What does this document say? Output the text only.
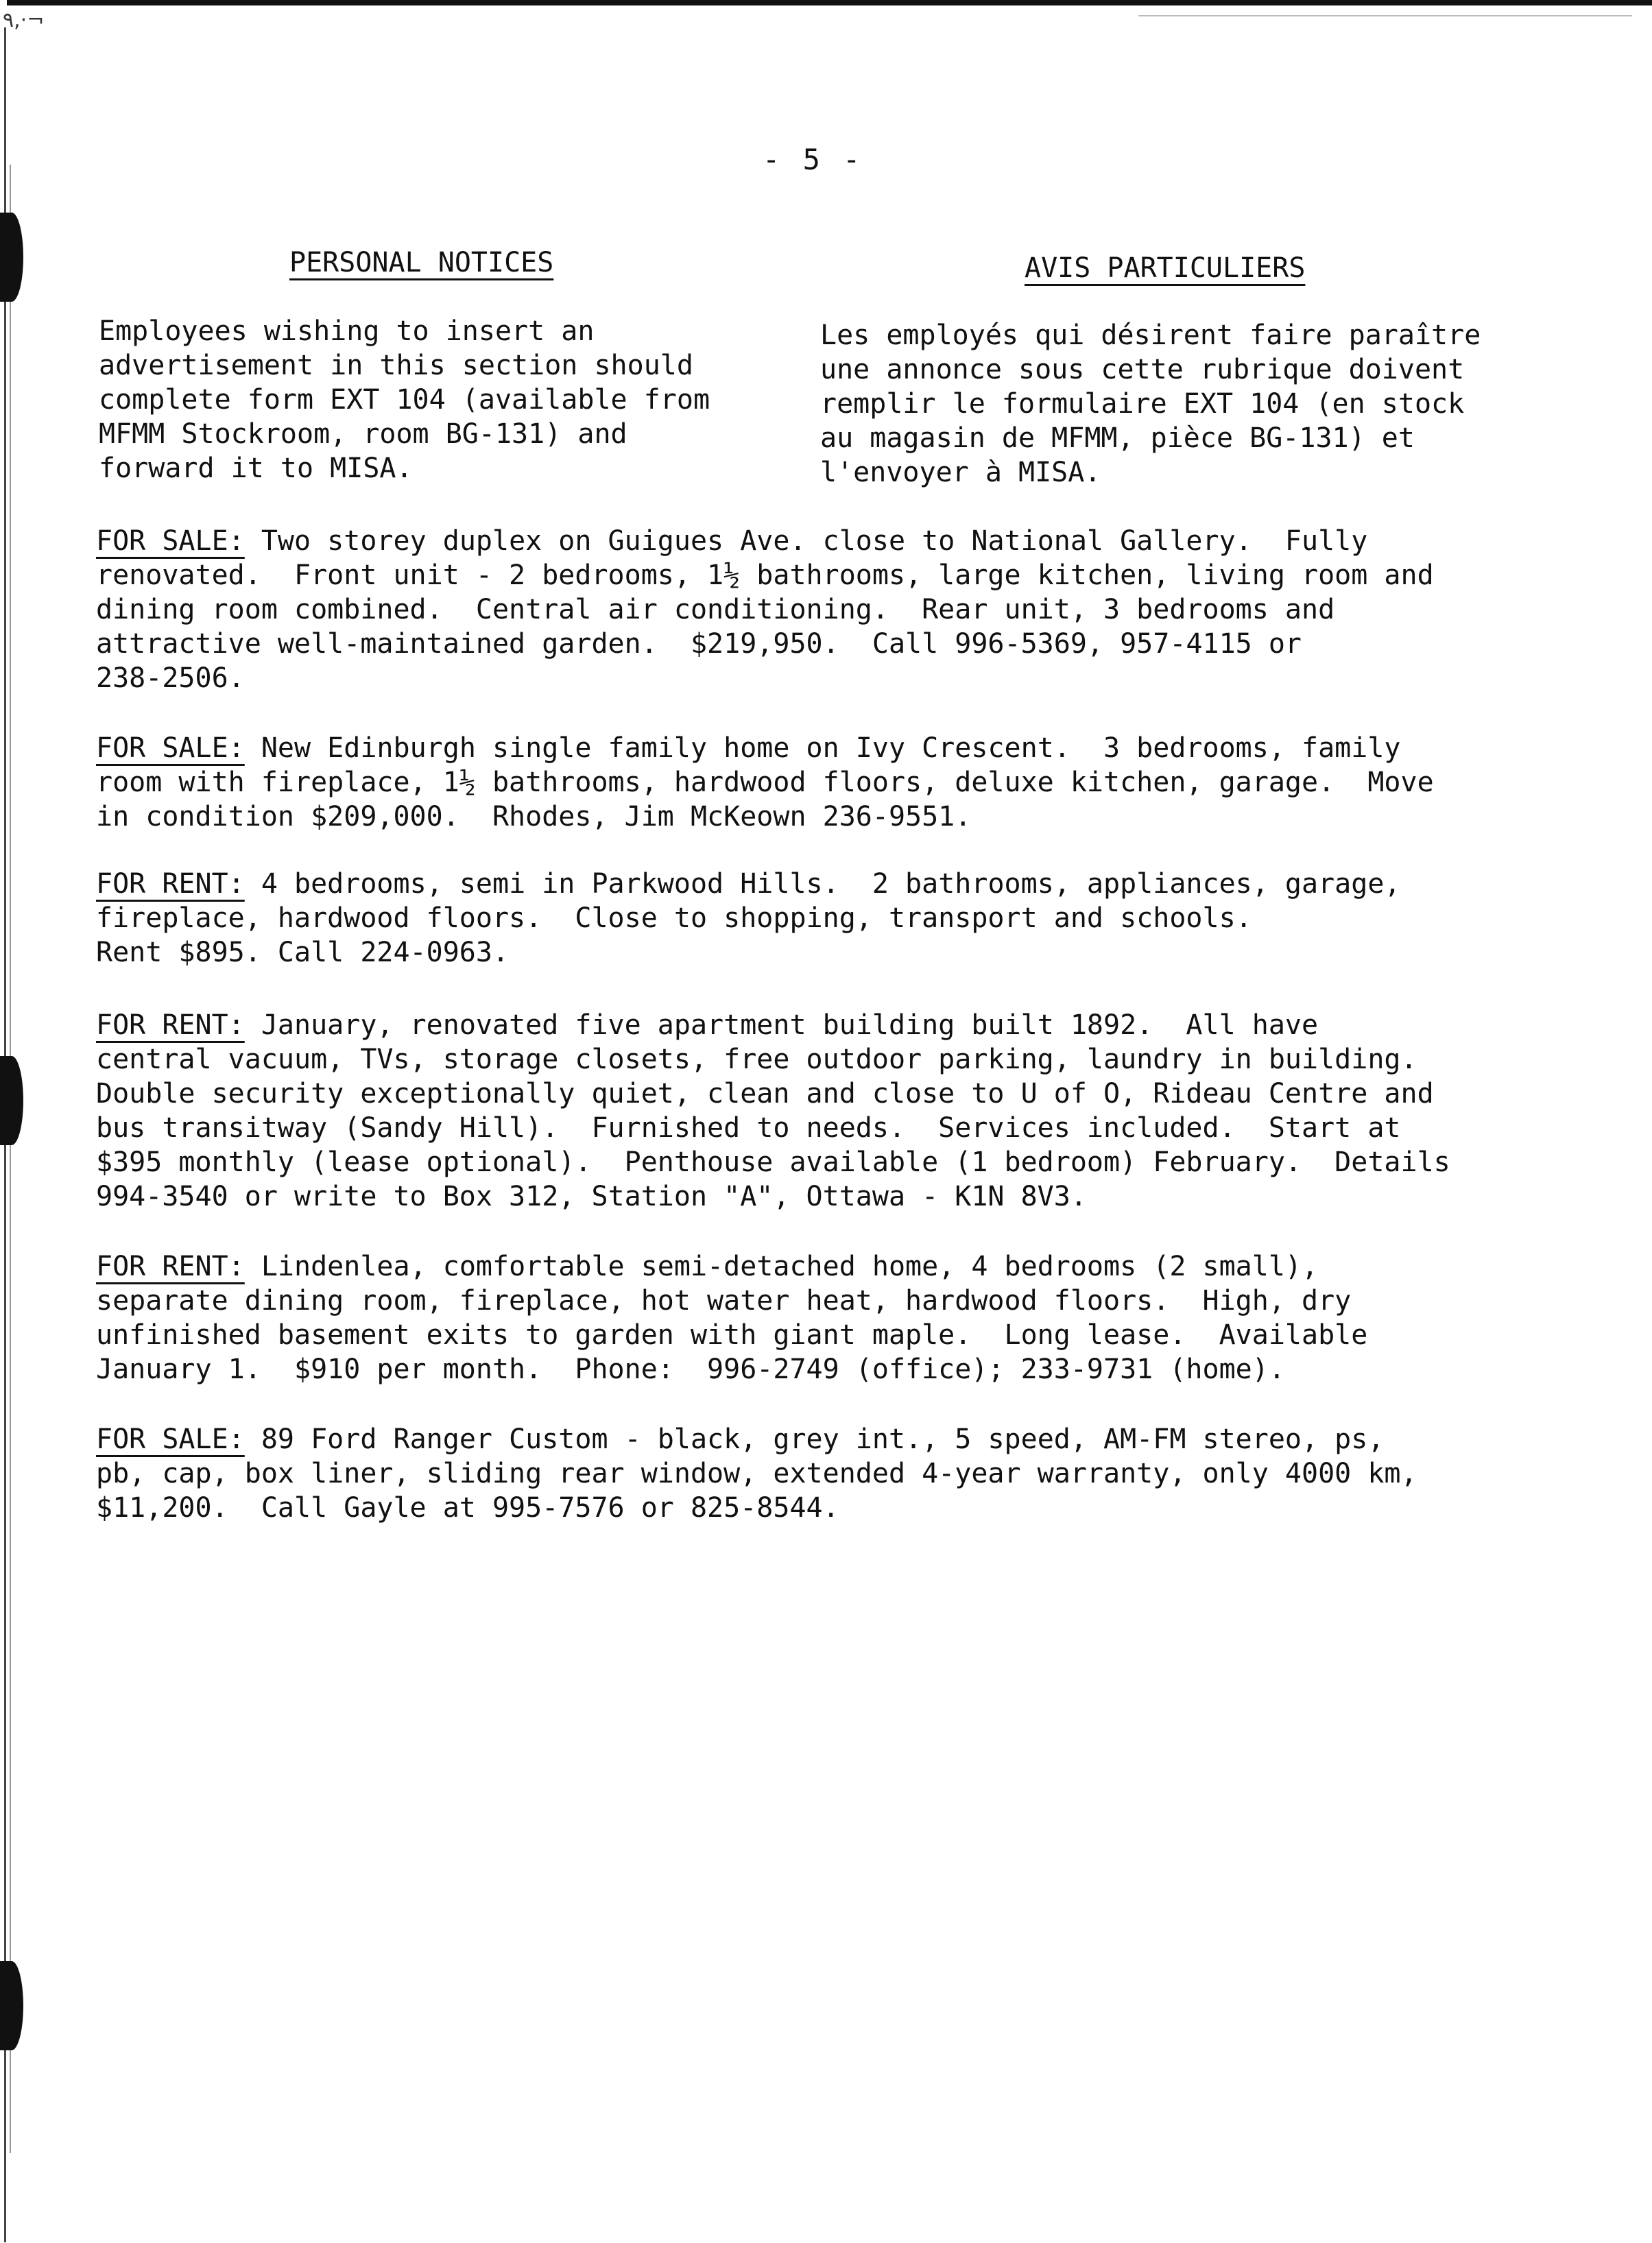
٩,·¬
- 5 -
PERSONAL NOTICES	AVIS PARTICULIERS
Employees wishing to insert an
advertisement in this section should
complete form EXT 104 (available from
MFMM Stockroom, room BG-131) and
forward it to MISA.
Les employés qui désirent faire paraître
une annonce sous cette rubrique doivent
remplir le formulaire EXT 104 (en stock
au magasin de MFMM, pièce BG-131) et
l'envoyer à MISA.
FOR SALE: Two storey duplex on Guigues Ave. close to National Gallery.  Fully
renovated.  Front unit - 2 bedrooms, 1½ bathrooms, large kitchen, living room and
dining room combined.  Central air conditioning.  Rear unit, 3 bedrooms and
attractive well-maintained garden.  $219,950.  Call 996-5369, 957-4115 or
238-2506.
FOR SALE: New Edinburgh single family home on Ivy Crescent.  3 bedrooms, family
room with fireplace, 1½ bathrooms, hardwood floors, deluxe kitchen, garage.  Move
in condition $209,000.  Rhodes, Jim McKeown 236-9551.
FOR RENT: 4 bedrooms, semi in Parkwood Hills.  2 bathrooms, appliances, garage,
fireplace, hardwood floors.  Close to shopping, transport and schools.
Rent $895. Call 224-0963.
FOR RENT: January, renovated five apartment building built 1892.  All have
central vacuum, TVs, storage closets, free outdoor parking, laundry in building.
Double security exceptionally quiet, clean and close to U of O, Rideau Centre and
bus transitway (Sandy Hill).  Furnished to needs.  Services included.  Start at
$395 monthly (lease optional).  Penthouse available (1 bedroom) February.  Details
994-3540 or write to Box 312, Station "A", Ottawa - K1N 8V3.
FOR RENT: Lindenlea, comfortable semi-detached home, 4 bedrooms (2 small),
separate dining room, fireplace, hot water heat, hardwood floors.  High, dry
unfinished basement exits to garden with giant maple.  Long lease.  Available
January 1.  $910 per month.  Phone:  996-2749 (office); 233-9731 (home).
FOR SALE: 89 Ford Ranger Custom - black, grey int., 5 speed, AM-FM stereo, ps,
pb, cap, box liner, sliding rear window, extended 4-year warranty, only 4000 km,
$11,200.  Call Gayle at 995-7576 or 825-8544.
